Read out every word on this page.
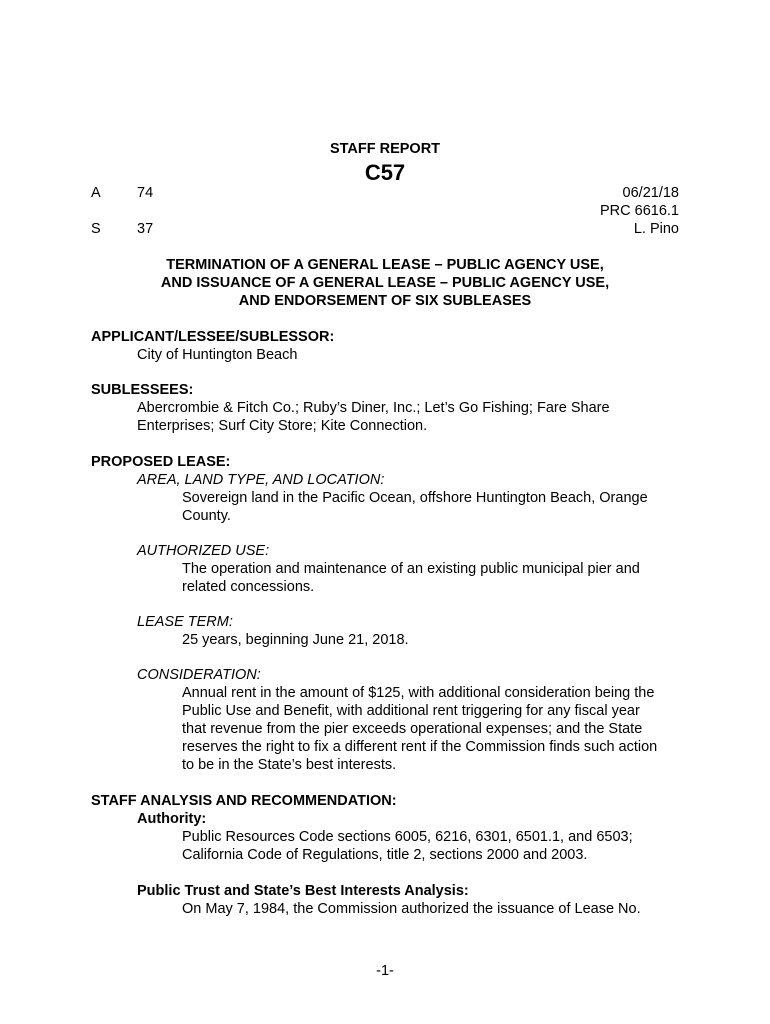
STAFF REPORT
C57
A	74	06/21/18
PRC 6616.1
S	37	L. Pino
TERMINATION OF A GENERAL LEASE – PUBLIC AGENCY USE,
AND ISSUANCE OF A GENERAL LEASE – PUBLIC AGENCY USE,
AND ENDORSEMENT OF SIX SUBLEASES
APPLICANT/LESSEE/SUBLESSOR:
City of Huntington Beach
SUBLESSEES:
Abercrombie & Fitch Co.; Ruby’s Diner, Inc.; Let’s Go Fishing; Fare Share
Enterprises; Surf City Store; Kite Connection.
PROPOSED LEASE:
AREA, LAND TYPE, AND LOCATION:
Sovereign land in the Pacific Ocean, offshore Huntington Beach, Orange
County.
AUTHORIZED USE:
The operation and maintenance of an existing public municipal pier and
related concessions.
LEASE TERM:
25 years, beginning June 21, 2018.
CONSIDERATION:
Annual rent in the amount of $125, with additional consideration being the
Public Use and Benefit, with additional rent triggering for any fiscal year
that revenue from the pier exceeds operational expenses; and the State
reserves the right to fix a different rent if the Commission finds such action
to be in the State’s best interests.
STAFF ANALYSIS AND RECOMMENDATION:
Authority:
Public Resources Code sections 6005, 6216, 6301, 6501.1, and 6503;
California Code of Regulations, title 2, sections 2000 and 2003.
Public Trust and State’s Best Interests Analysis:
On May 7, 1984, the Commission authorized the issuance of Lease No.
-1-
